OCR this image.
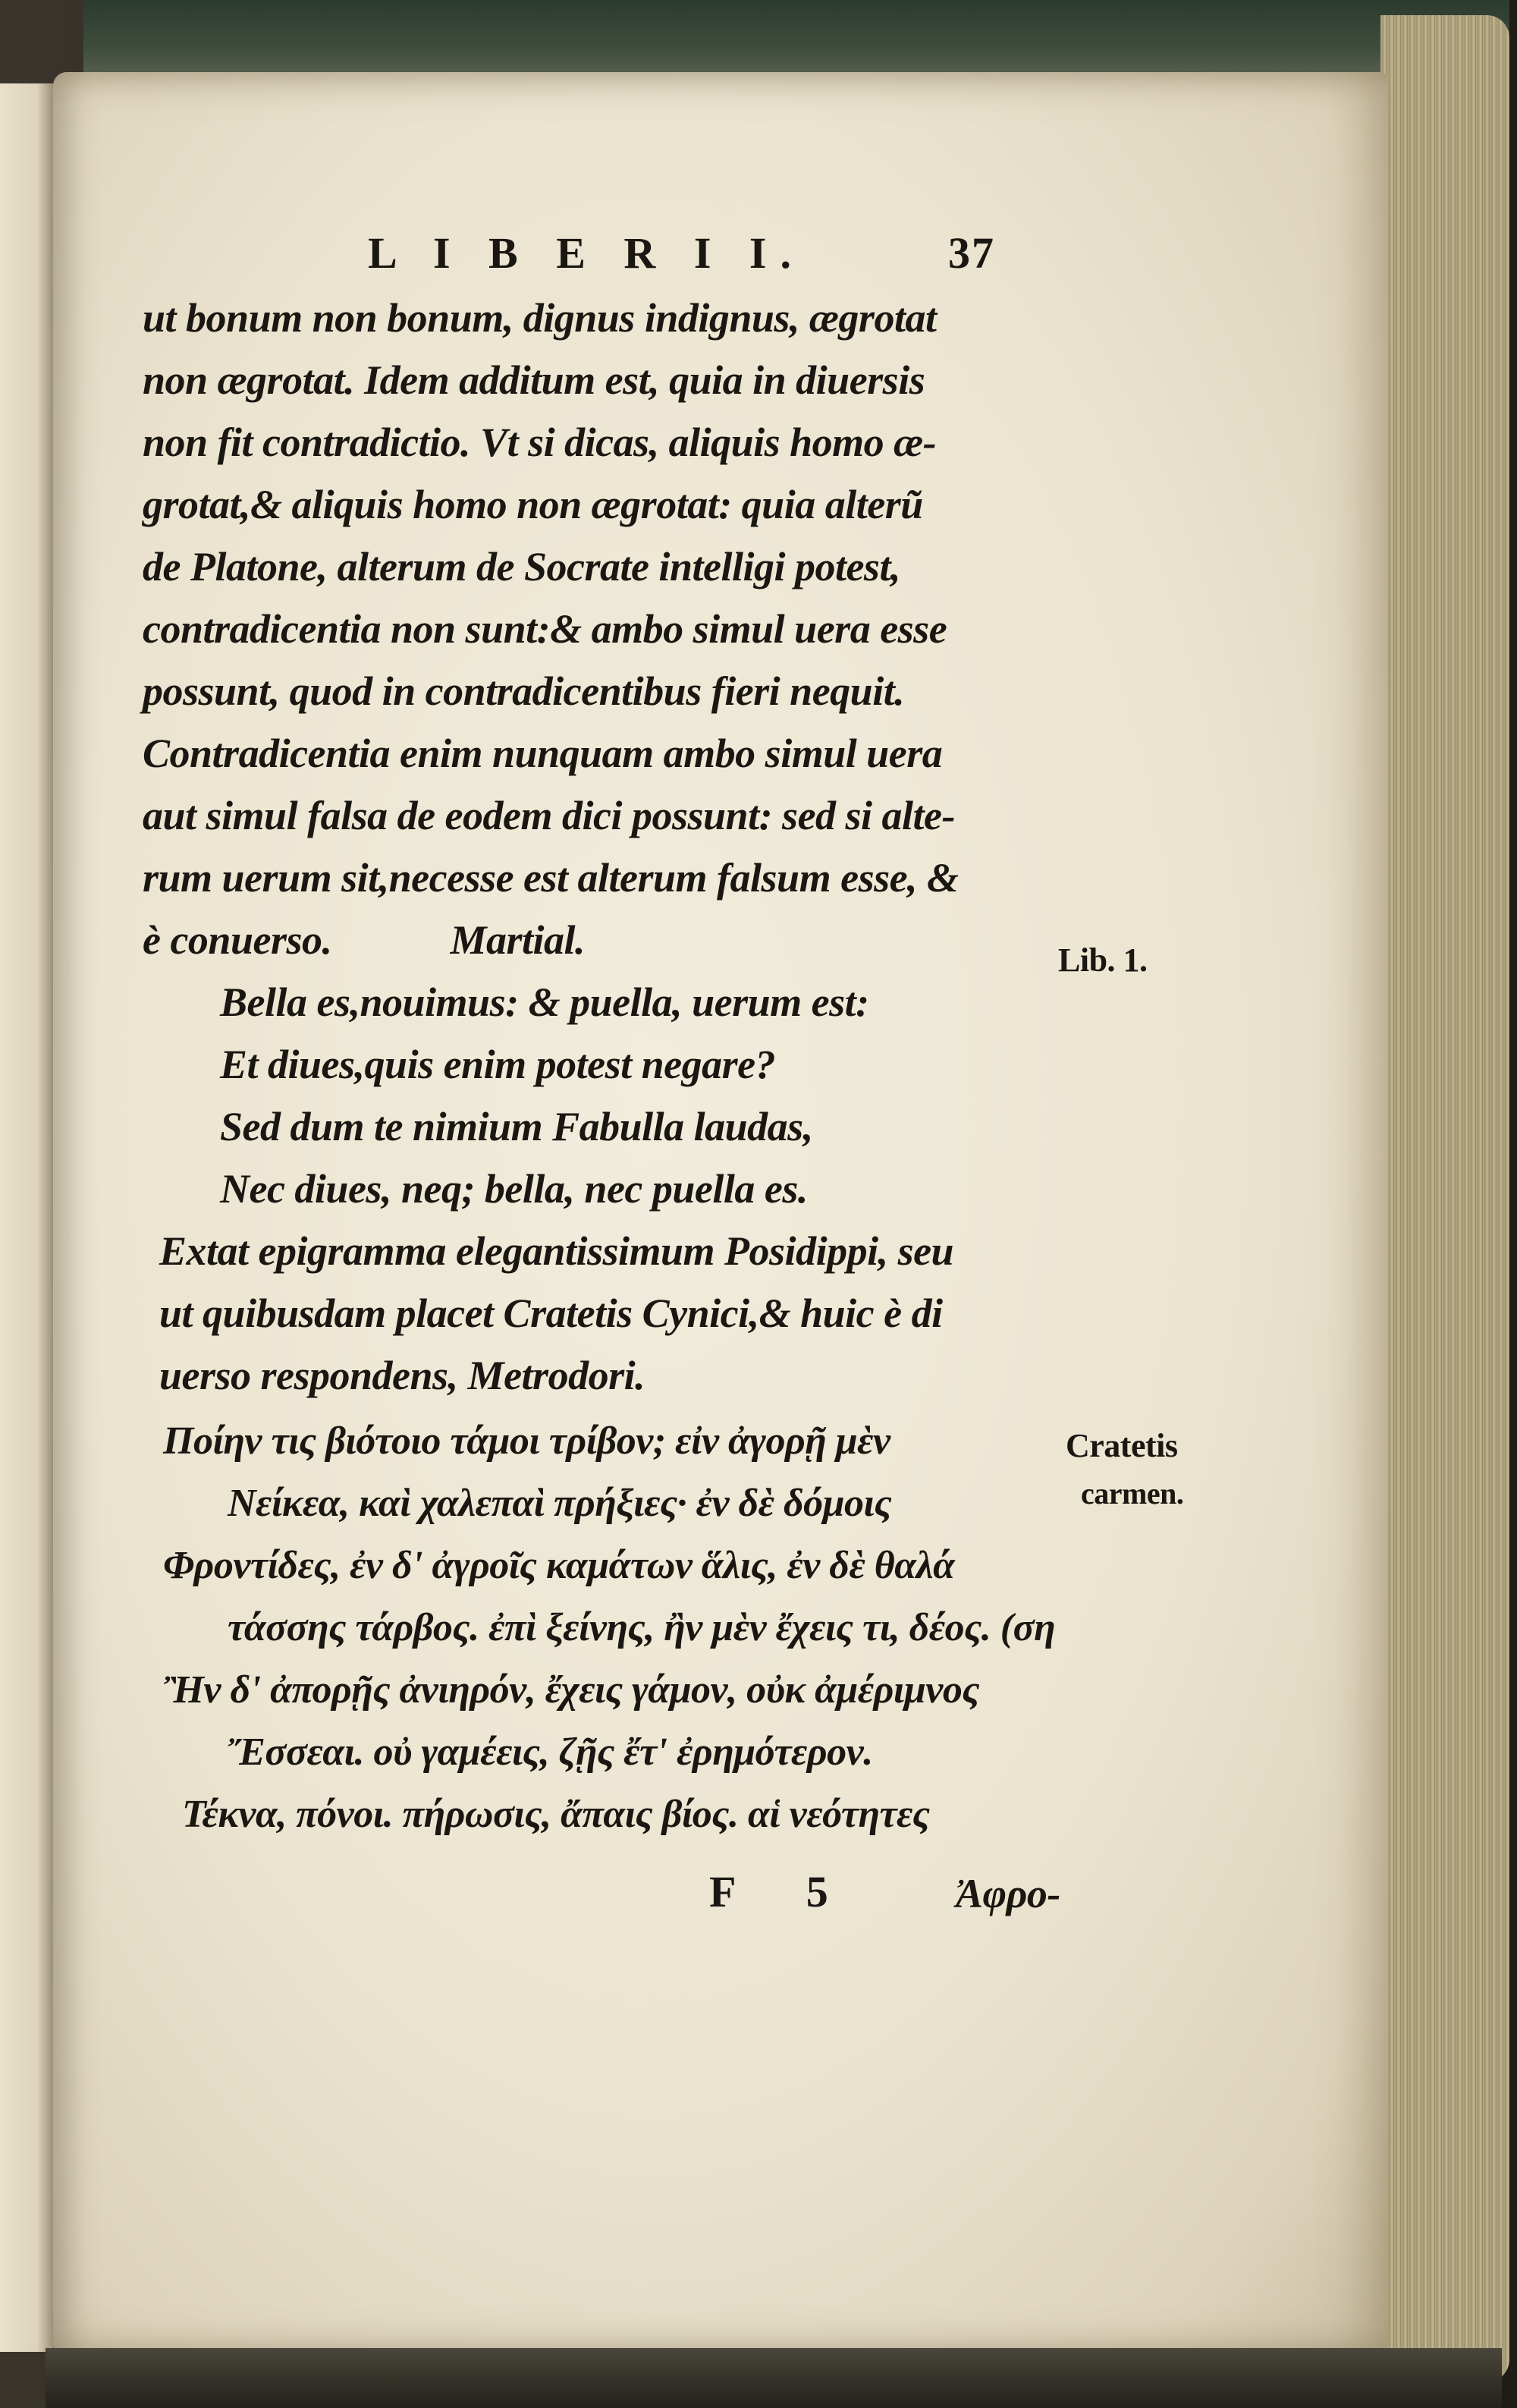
L I B E R I I.	37
ut bonum non bonum, dignus indignus, ægrotat
non ægrotat. Idem additum est, quia in diuersis
non fit contradictio. Vt si dicas, aliquis homo æ-
grotat,& aliquis homo non ægrotat: quia alterũ
de Platone, alterum de Socrate intelligi potest,
contradicentia non sunt:& ambo simul uera esse
possunt, quod in contradicentibus fieri nequit.
Contradicentia enim nunquam ambo simul uera
aut simul falsa de eodem dici possunt: sed si alte-
rum uerum sit,necesse est alterum falsum esse, &
è conuerso.            Martial.	Lib. 1.
Bella es,nouimus: & puella, uerum est:
Et diues,quis enim potest negare?
Sed dum te nimium Fabulla laudas,
Nec diues, neq; bella, nec puella es.
Extat epigramma elegantissimum Posidippi, seu
ut quibusdam placet Cratetis Cynici,& huic è di
uerso respondens, Metrodori.
Ποίην τις βιότοιο τάμοι τρίβον; εἰν ἀγορῇ μὲν
Νείκεα, καὶ χαλεπαὶ πρήξιες· ἐν δὲ δόμοις
Φροντίδες, ἐν δ' ἀγροῖς καμάτων ἅλις, ἐν δὲ θαλά
τάσσης τάρβος. ἐπὶ ξείνης, ἢν μὲν ἔχεις τι, δέος. (ση
Ἢν δ' ἀπορῇς ἀνιηρόν, ἔχεις γάμον, οὐκ ἀμέριμνος
Ἔσσεαι. οὐ γαμέεις, ζῇς ἔτ' ἐρημότερον.
Τέκνα, πόνοι. πήρωσις, ἄπαις βίος. αἱ νεότητες
Cratetis
carmen.
F 5 Ἀφρο-
